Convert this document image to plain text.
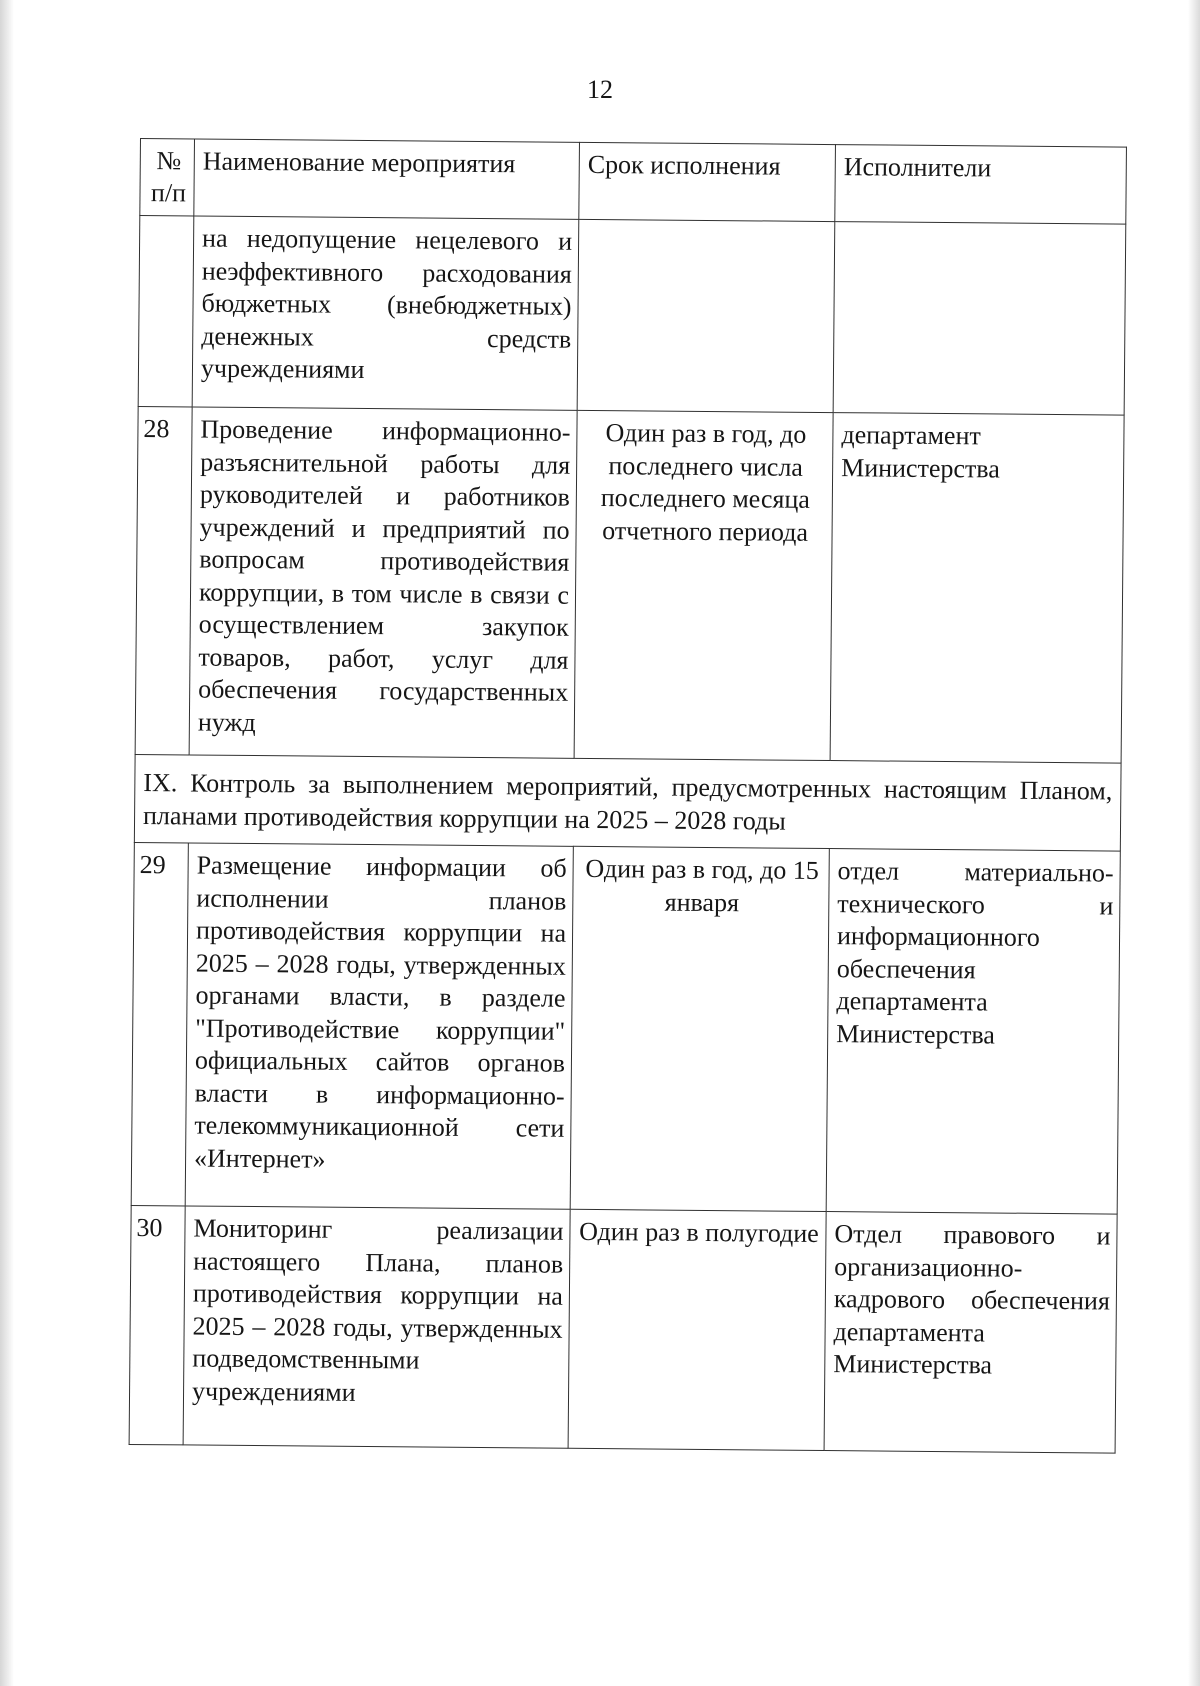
12
№ п/п	Наименование мероприятия	Срок исполнения	Исполнители
	на недопущение нецелевого и неэффективного расходования бюджетных (внебюджетных) денежных средств учреждениями		
28	Проведение информационно-разъяснительной работы для руководителей и работников учреждений и предприятий по вопросам противодействия коррупции, в том числе в связи с осуществлением закупок товаров, работ, услуг для обеспечения государственных нужд	Один раз в год, до последнего числа последнего месяца отчетного периода	департамент Министерства
IX. Контроль за выполнением мероприятий, предусмотренных настоящим Планом, планами противодействия коррупции на 2025 – 2028 годы			
29	Размещение информации об исполнении планов противодействия коррупции на 2025 – 2028 годы, утвержденных органами власти, в разделе "Противодействие коррупции" официальных сайтов органов власти в информационно-телекоммуникационной сети «Интернет»	Один раз в год, до 15 января	отдел материально-технического и информационного обеспечения департамента Министерства
30	Мониторинг реализации настоящего Плана, планов противодействия коррупции на 2025 – 2028 годы, утвержденных подведомственными учреждениями	Один раз в полугодие	Отдел правового и организационно-кадрового обеспечения департамента Министерства
